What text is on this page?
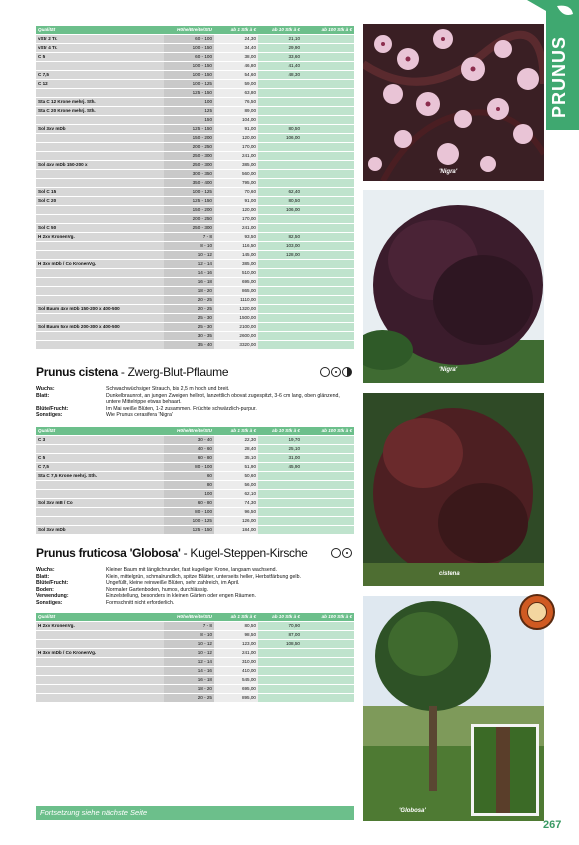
Qualität	Höhe/Breite/StU	ab 1 Stk à €	ab 10 Stk à €	ab 100 Stk à €
vStr 2 Tr.	60 - 100	24,30	21,10	
vStr 4 Tr.	100 - 150	34,40	29,90	
C 5	60 - 100	38,00	33,60	
	100 - 150	46,80	41,40	
C 7,5	100 - 150	54,60	48,30	
C 12	100 - 125	59,00		
	125 - 150	63,80		
Sta C 12 Krone mehrj. Sth.	100	76,50		
Sta C 20 Krone mehrj. Sth.	125	89,00		
	150	104,00		
Sol 3xv mDb	125 - 150	91,00	80,50	
	150 - 200	120,00	106,00	
	200 - 250	170,00		
	250 - 300	241,00		
Sol 4xv mDb 150-200 x	250 - 300	385,00		
	300 - 350	560,00		
	350 - 400	795,00		
Sol C 15	100 - 125	70,60	62,40	
Sol C 20	125 - 150	91,00	80,50	
	150 - 200	120,00	106,00	
	200 - 250	170,00		
Sol C 50	250 - 300	241,00		
H 2xv KronenVg.	7 - 8	93,50	82,50	
	8 - 10	116,50	103,00	
	10 - 12	145,00	128,00	
H 3xv mDb / Co KronenVg.	12 - 14	385,00		
	14 - 16	510,00		
	16 - 18	695,00		
	18 - 20	865,00		
	20 - 25	1110,00		
Sol Baum 4xv mDb 150-200 x 400-500	20 - 25	1320,00		
	25 - 30	1500,00		
Sol Baum 5xv mDb 200-300 x 400-500	25 - 30	2100,00		
	30 - 35	2600,00		
	35 - 40	3320,00		
Prunus cistena - Zwerg-Blut-Pflaume
Wuchs:	Schwachwüchsiger Strauch, bis 2,5 m hoch und breit.
Blatt:	Dunkelbraunrot, an jungen Zweigen hellrot, lanzettlich obovat zugespitzt, 3-6 cm lang, oben glänzend, untere Mittelrippe etwas behaart.
Blüte/Frucht:	Im Mai weiße Blüten, 1-2 zusammen. Früchte schwärzlich-purpur.
Sonstiges:	Wie Prunus cerasifera 'Nigra'
Qualität	Höhe/Breite/StU	ab 1 Stk à €	ab 10 Stk à €	ab 100 Stk à €
C 3	30 - 40	22,30	19,70	
	40 - 60	28,40	25,10	
C 5	60 - 80	35,10	31,00	
C 7,5	80 - 100	51,90	45,90	
Sta C 7,5 Krone mehrj. Sth.	60	50,60		
	80	56,00		
	100	62,10		
Sol 3xv mB / Co	60 - 80	74,30		
	80 - 100	96,50		
	100 - 125	126,00		
Sol 3xv mDb	125 - 150	184,00		
Prunus fruticosa 'Globosa' - Kugel-Steppen-Kirsche
Wuchs:	Kleiner Baum mit länglichrunder, fast kugeliger Krone, langsam wachsend.
Blatt:	Klein, mittelgrün, schmalrundlich, spitze Blätter, unterseits heller, Herbstfärbung gelb.
Blüte/Frucht:	Ungefüllt, kleine reinweiße Blüten, sehr zahlreich, im April.
Boden:	Normaler Gartenboden, humos, durchlässig.
Verwendung:	Einzelstellung, besonders in kleinen Gärten oder engen Räumen.
Sonstiges:	Formschnitt nicht erforderlich.
Qualität	Höhe/Breite/StU	ab 1 Stk à €	ab 10 Stk à €	ab 100 Stk à €
H 2xv KronenVg.	7 - 8	80,50	70,90	
	8 - 10	98,50	87,00	
	10 - 12	123,00	108,50	
H 3xv mDb / Co KronenVg.	10 - 12	241,00		
	12 - 14	310,00		
	14 - 16	410,00		
	16 - 18	545,00		
	18 - 20	695,00		
	20 - 25	895,00		
Fortsetzung siehe nächste Seite
'Nigra'
'Nigra'
cistena
'Globosa'
PRUNUS
267
